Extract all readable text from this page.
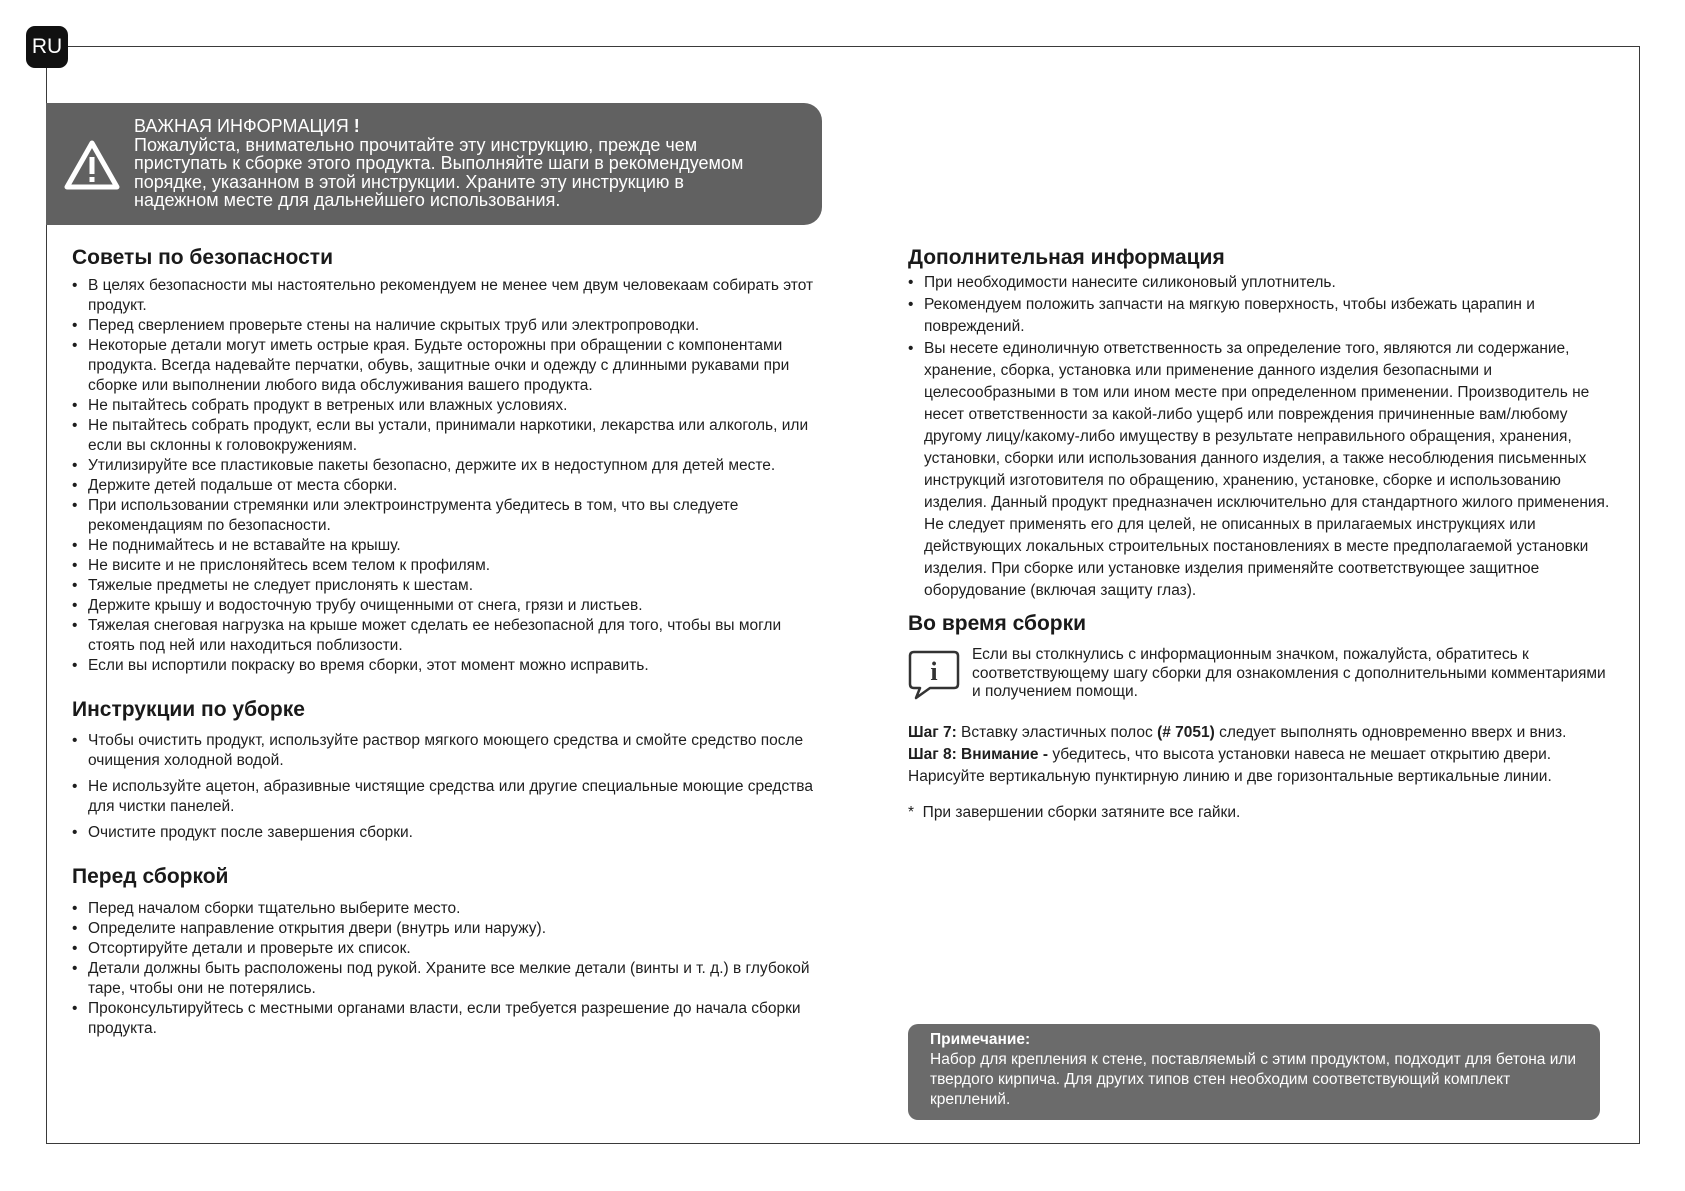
RU
ВАЖНАЯ ИНФОРМАЦИЯ !
Пожалуйста, внимательно прочитайте эту инструкцию, прежде чем
приступать к сборке этого продукта. Выполняйте шаги в рекомендуемом
порядке, указанном в этой инструкции. Храните эту инструкцию в
надежном месте для дальнейшего использования.
Советы по безопасности
• В целях безопасности мы настоятельно рекомендуем не менее чем двум человекаам собирать этот продукт.
• Перед сверлением проверьте стены на наличие скрытых труб или электропроводки.
• Некоторые детали могут иметь острые края. Будьте осторожны при обращении с компонентами продукта. Всегда надевайте перчатки, обувь, защитные очки и одежду с длинными рукавами при сборке или выполнении любого вида обслуживания вашего продукта.
• Не пытайтесь собрать продукт в ветреных или влажных условиях.
• Не пытайтесь собрать продукт, если вы устали, принимали наркотики, лекарства или алкоголь, или если вы склонны к головокружениям.
• Утилизируйте все пластиковые пакеты безопасно, держите их в недоступном для детей месте.
• Держите детей подальше от места сборки.
• При использовании стремянки или электроинструмента убедитесь в том, что вы следуете рекомендациям по безопасности.
• Не поднимайтесь и не вставайте на крышу.
• Не висите и не прислоняйтесь всем телом к профилям.
• Тяжелые предметы не следует прислонять к шестам.
• Держите крышу и водосточную трубу очищенными от снега, грязи и листьев.
• Тяжелая снеговая нагрузка на крыше может сделать ее небезопасной для того, чтобы вы могли стоять под ней или находиться поблизости.
• Если вы испортили покраску во время сборки, этот момент можно исправить.
Инструкции по уборке
• Чтобы очистить продукт, используйте раствор мягкого моющего средства и смойте средство после очищения холодной водой.
• Не используйте ацетон, абразивные чистящие средства или другие специальные моющие средства для чистки панелей.
• Очистите продукт после завершения сборки.
Перед сборкой
• Перед началом сборки тщательно выберите место.
• Определите направление открытия двери (внутрь или наружу).
• Отсортируйте детали и проверьте их список.
• Детали должны быть расположены под рукой. Храните все мелкие детали (винты и т. д.) в глубокой таре, чтобы они не потерялись.
• Проконсультируйтесь с местными органами власти, если требуется разрешение до начала сборки продукта.
Дополнительная информация
• При необходимости нанесите силиконовый уплотнитель.
• Рекомендуем положить запчасти на мягкую поверхность, чтобы избежать царапин и повреждений.
• Вы несете единоличную ответственность за определение того, являются ли содержание, хранение, сборка, установка или применение данного изделия безопасными и целесообразными в том или ином месте при определенном применении. Производитель не несет ответственности за какой-либо ущерб или повреждения причиненные вам/любому другому лицу/какому-либо имуществу в результате неправильного обращения, хранения, установки, сборки или использования данного изделия, а также несоблюдения письменных инструкций изготовителя по обращению, хранению, установке, сборке и использованию изделия. Данный продукт предназначен исключительно для стандартного жилого применения. Не следует применять его для целей, не описанных в прилагаемых инструкциях или действующих локальных строительных постановлениях в месте предполагаемой установки изделия. При сборке или установке изделия применяйте соответствующее защитное оборудование (включая защиту глаз).
Во время сборки
i
Если вы столкнулись с информационным значком, пожалуйста, обратитесь к соответствующему шагу сборки для ознакомления с дополнительными комментариями и получением помощи.
Шаг 7: Вставку эластичных полос (# 7051) следует выполнять одновременно вверх и вниз.
Шаг 8: Внимание - убедитесь, что высота установки навеса не мешает открытию двери.
Нарисуйте вертикальную пунктирную линию и две горизонтальные вертикальные линии.
* При завершении сборки затяните все гайки.
Примечание:
Набор для крепления к стене, поставляемый с этим продуктом, подходит для бетона или твердого кирпича. Для других типов стен необходим соответствующий комплект креплений.
